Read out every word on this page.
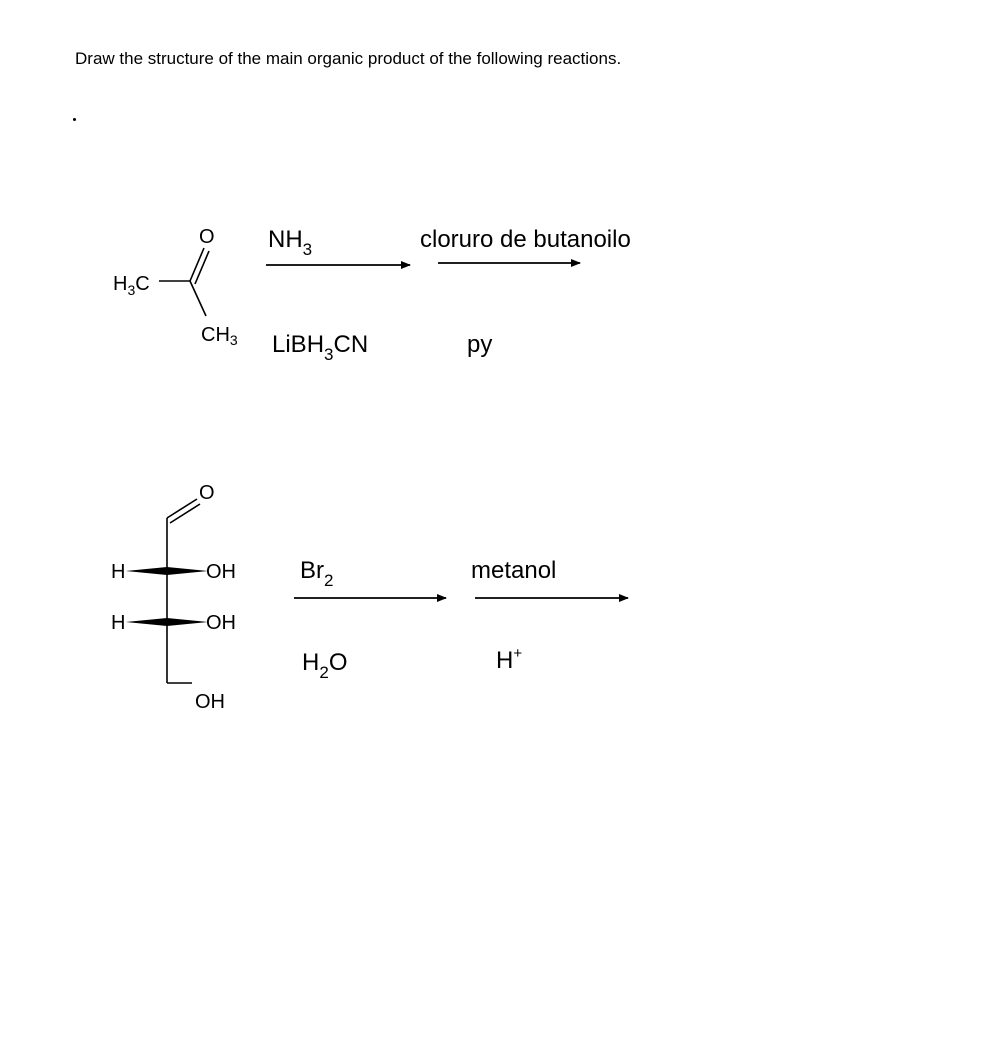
Draw the structure of the main organic product of the following reactions.
$H_3C$
O
$CH_3$
$NH_3$
LiBH$_3$CN
cloruro de butanoilo
py
O
OH
H	OH
H	OH
$Br_2$
$H_2O$
metanol
H+
